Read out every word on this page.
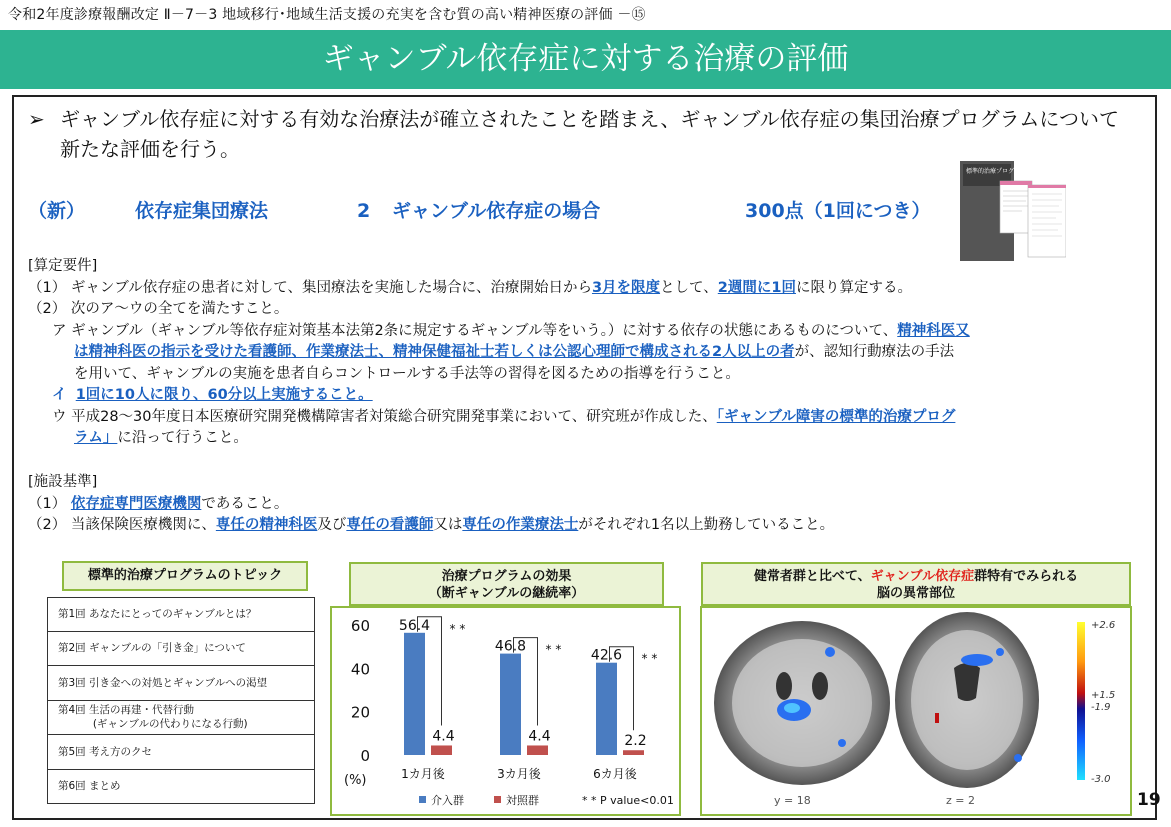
令和2年度診療報酬改定 Ⅱ－7－3 地域移行･地域生活支援の充実を含む質の高い精神医療の評価 －⑮
ギャンブル依存症に対する治療の評価
➢ ギャンブル依存症に対する有効な治療法が確立されたことを踏まえ、ギャンブル依存症の集団治療プログラムについて新たな評価を行う。
（新）	依存症集団療法	2 ギャンブル依存症の場合	300点（1回につき）
標準的治療プログラム
[算定要件]
（1） ギャンブル依存症の患者に対して、集団療法を実施した場合に、治療開始日から3月を限度として、2週間に1回に限り算定する。
（2） 次のア～ウの全てを満たすこと。
ア ギャンブル（ギャンブル等依存症対策基本法第2条に規定するギャンブル等をいう。）に対する依存の状態にあるものについて、精神科医又
は精神科医の指示を受けた看護師、作業療法士、精神保健福祉士若しくは公認心理師で構成される2人以上の者が、認知行動療法の手法
を用いて、ギャンブルの実施を患者自らコントロールする手法等の習得を図るための指導を行うこと。
イ 1回に10人に限り、60分以上実施すること。
ウ 平成28～30年度日本医療研究開発機構障害者対策総合研究開発事業において、研究班が作成した、「ギャンブル障害の標準的治療プログ
ラム」に沿って行うこと。
[施設基準]
（1） 依存症専門医療機関であること。
（2） 当該保険医療機関に、専任の精神科医及び専任の看護師又は専任の作業療法士がそれぞれ1名以上勤務していること。
標準的治療プログラムのトピック
第1回 あなたにとってのギャンブルとは？
第2回 ギャンブルの「引き金」について
第3回 引き金への対処とギャンブルへの渇望
第4回 生活の再建・代替行動
　　　 (ギャンブルの代わりになる行動)
第5回 考え方のクセ
第6回 まとめ
治療プログラムの効果
（断ギャンブルの継続率）
0
20
40
60
(%)
56.4
4.4
* *
1カ月後
46.8
4.4
* *
3カ月後
42.6
2.2
* *
6カ月後
介入群	対照群	* * P value<0.01
健常者群と比べて、ギャンブル依存症群特有でみられる
脳の異常部位
y = 18	z = 2
+2.6
+1.5
-1.9
-3.0
19
